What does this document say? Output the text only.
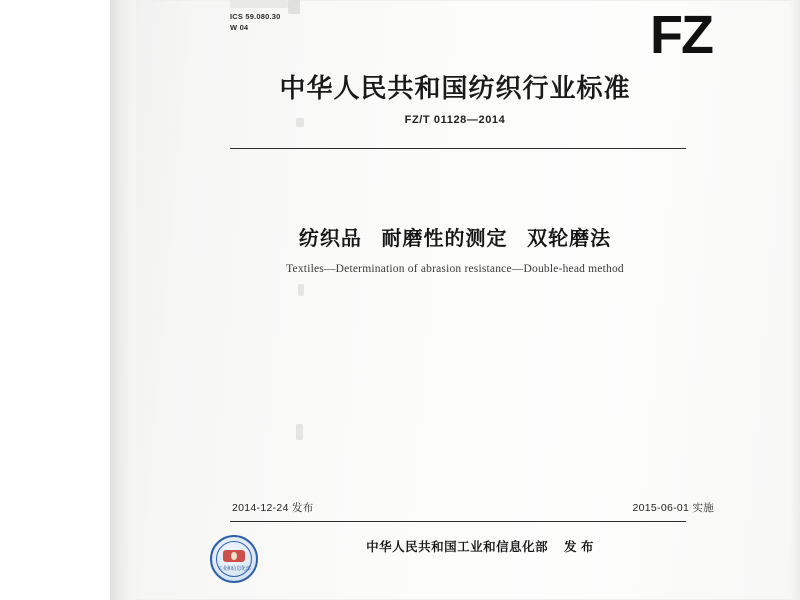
ICS 59.080.30
W 04	FZ
中华人民共和国纺织行业标准
FZ/T 01128—2014
纺织品   耐磨性的测定   双轮磨法
Textiles—Determination of abrasion resistance—Double-head method
2014-12-24 发布	2015-06-01 实施
工业和信息化部
中华人民共和国工业和信息化部    发 布
